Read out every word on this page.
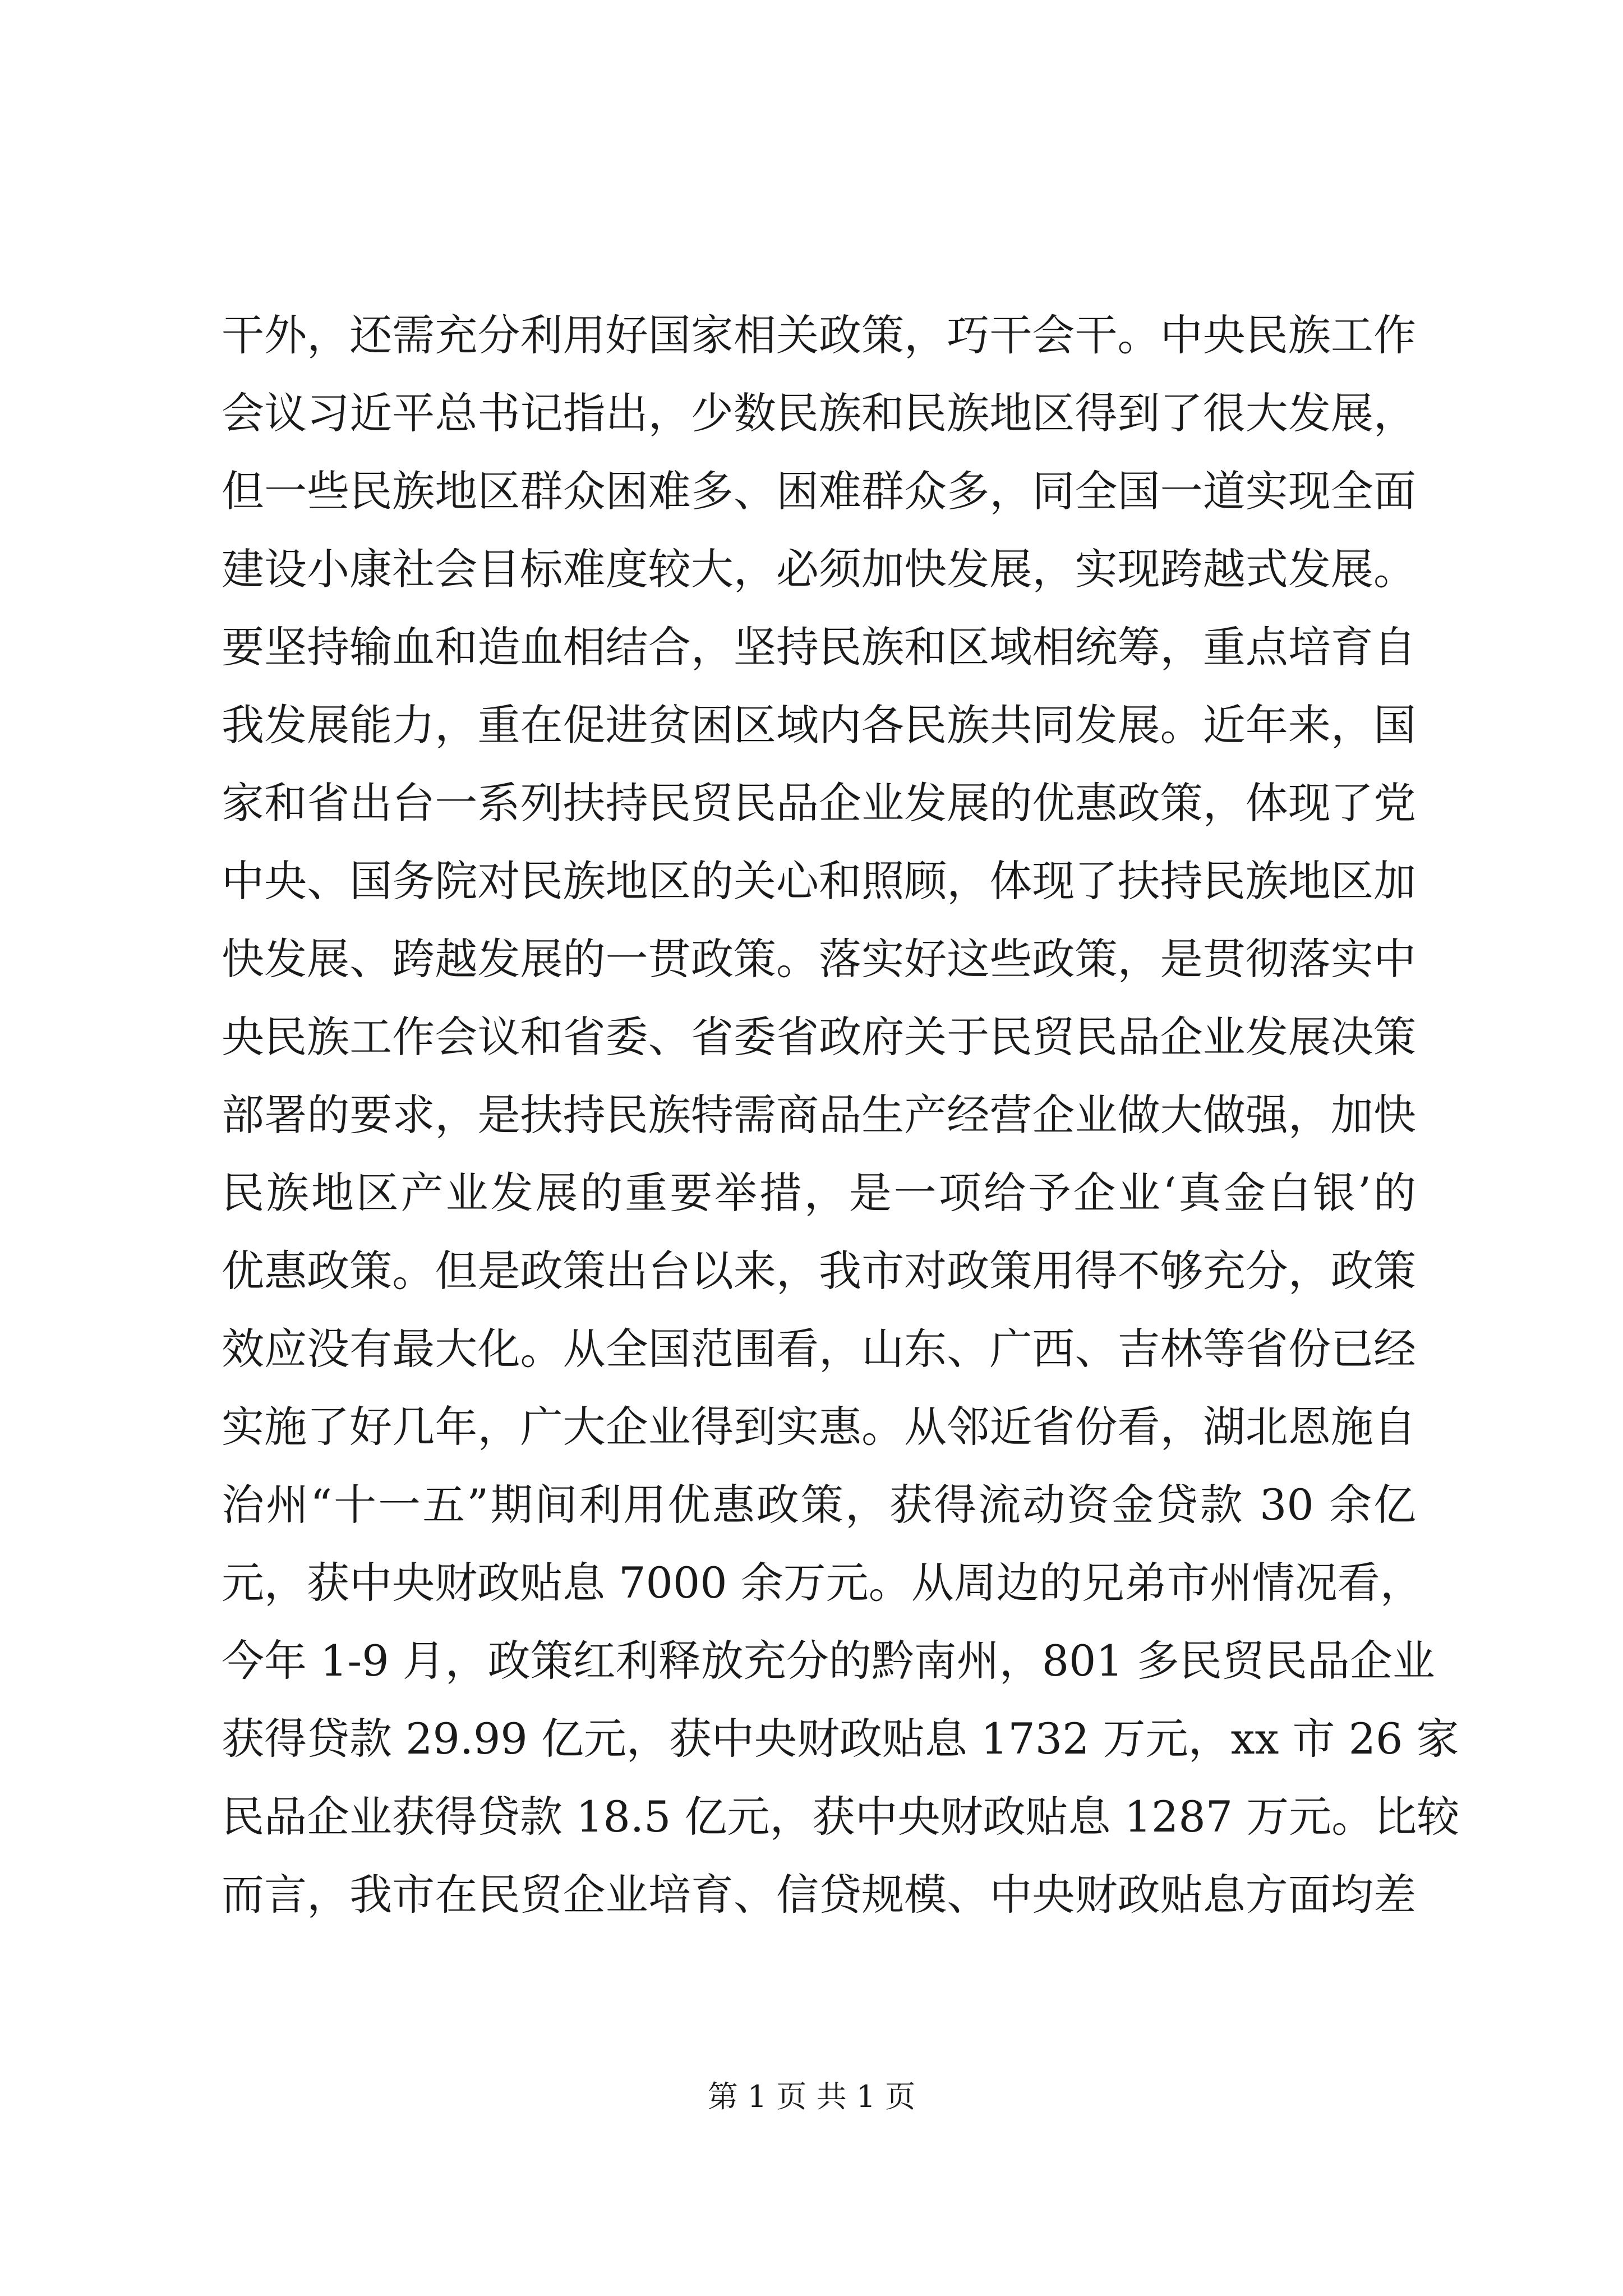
干外，还需充分利用好国家相关政策，巧干会干。中央民族工作
会议习近平总书记指出，少数民族和民族地区得到了很大发展，
但一些民族地区群众困难多、困难群众多，同全国一道实现全面
建设小康社会目标难度较大，必须加快发展，实现跨越式发展。
要坚持输血和造血相结合，坚持民族和区域相统筹，重点培育自
我发展能力，重在促进贫困区域内各民族共同发展。近年来，国
家和省出台一系列扶持民贸民品企业发展的优惠政策，体现了党
中央、国务院对民族地区的关心和照顾，体现了扶持民族地区加
快发展、跨越发展的一贯政策。落实好这些政策，是贯彻落实中
央民族工作会议和省委、省委省政府关于民贸民品企业发展决策
部署的要求，是扶持民族特需商品生产经营企业做大做强，加快
民族地区产业发展的重要举措，是一项给予企业‘真金白银’的
优惠政策。但是政策出台以来，我市对政策用得不够充分，政策
效应没有最大化。从全国范围看，山东、广西、吉林等省份已经
实施了好几年，广大企业得到实惠。从邻近省份看，湖北恩施自
治州“十一五”期间利用优惠政策，获得流动资金贷款 30 余亿
元，获中央财政贴息 7000 余万元。从周边的兄弟市州情况看，
今年 1-9 月，政策红利释放充分的黔南州，801 多民贸民品企业
获得贷款 29.99 亿元，获中央财政贴息 1732 万元，xx 市 26 家
民品企业获得贷款 18.5 亿元，获中央财政贴息 1287 万元。比较
而言，我市在民贸企业培育、信贷规模、中央财政贴息方面均差
第 1 页 共 1 页
